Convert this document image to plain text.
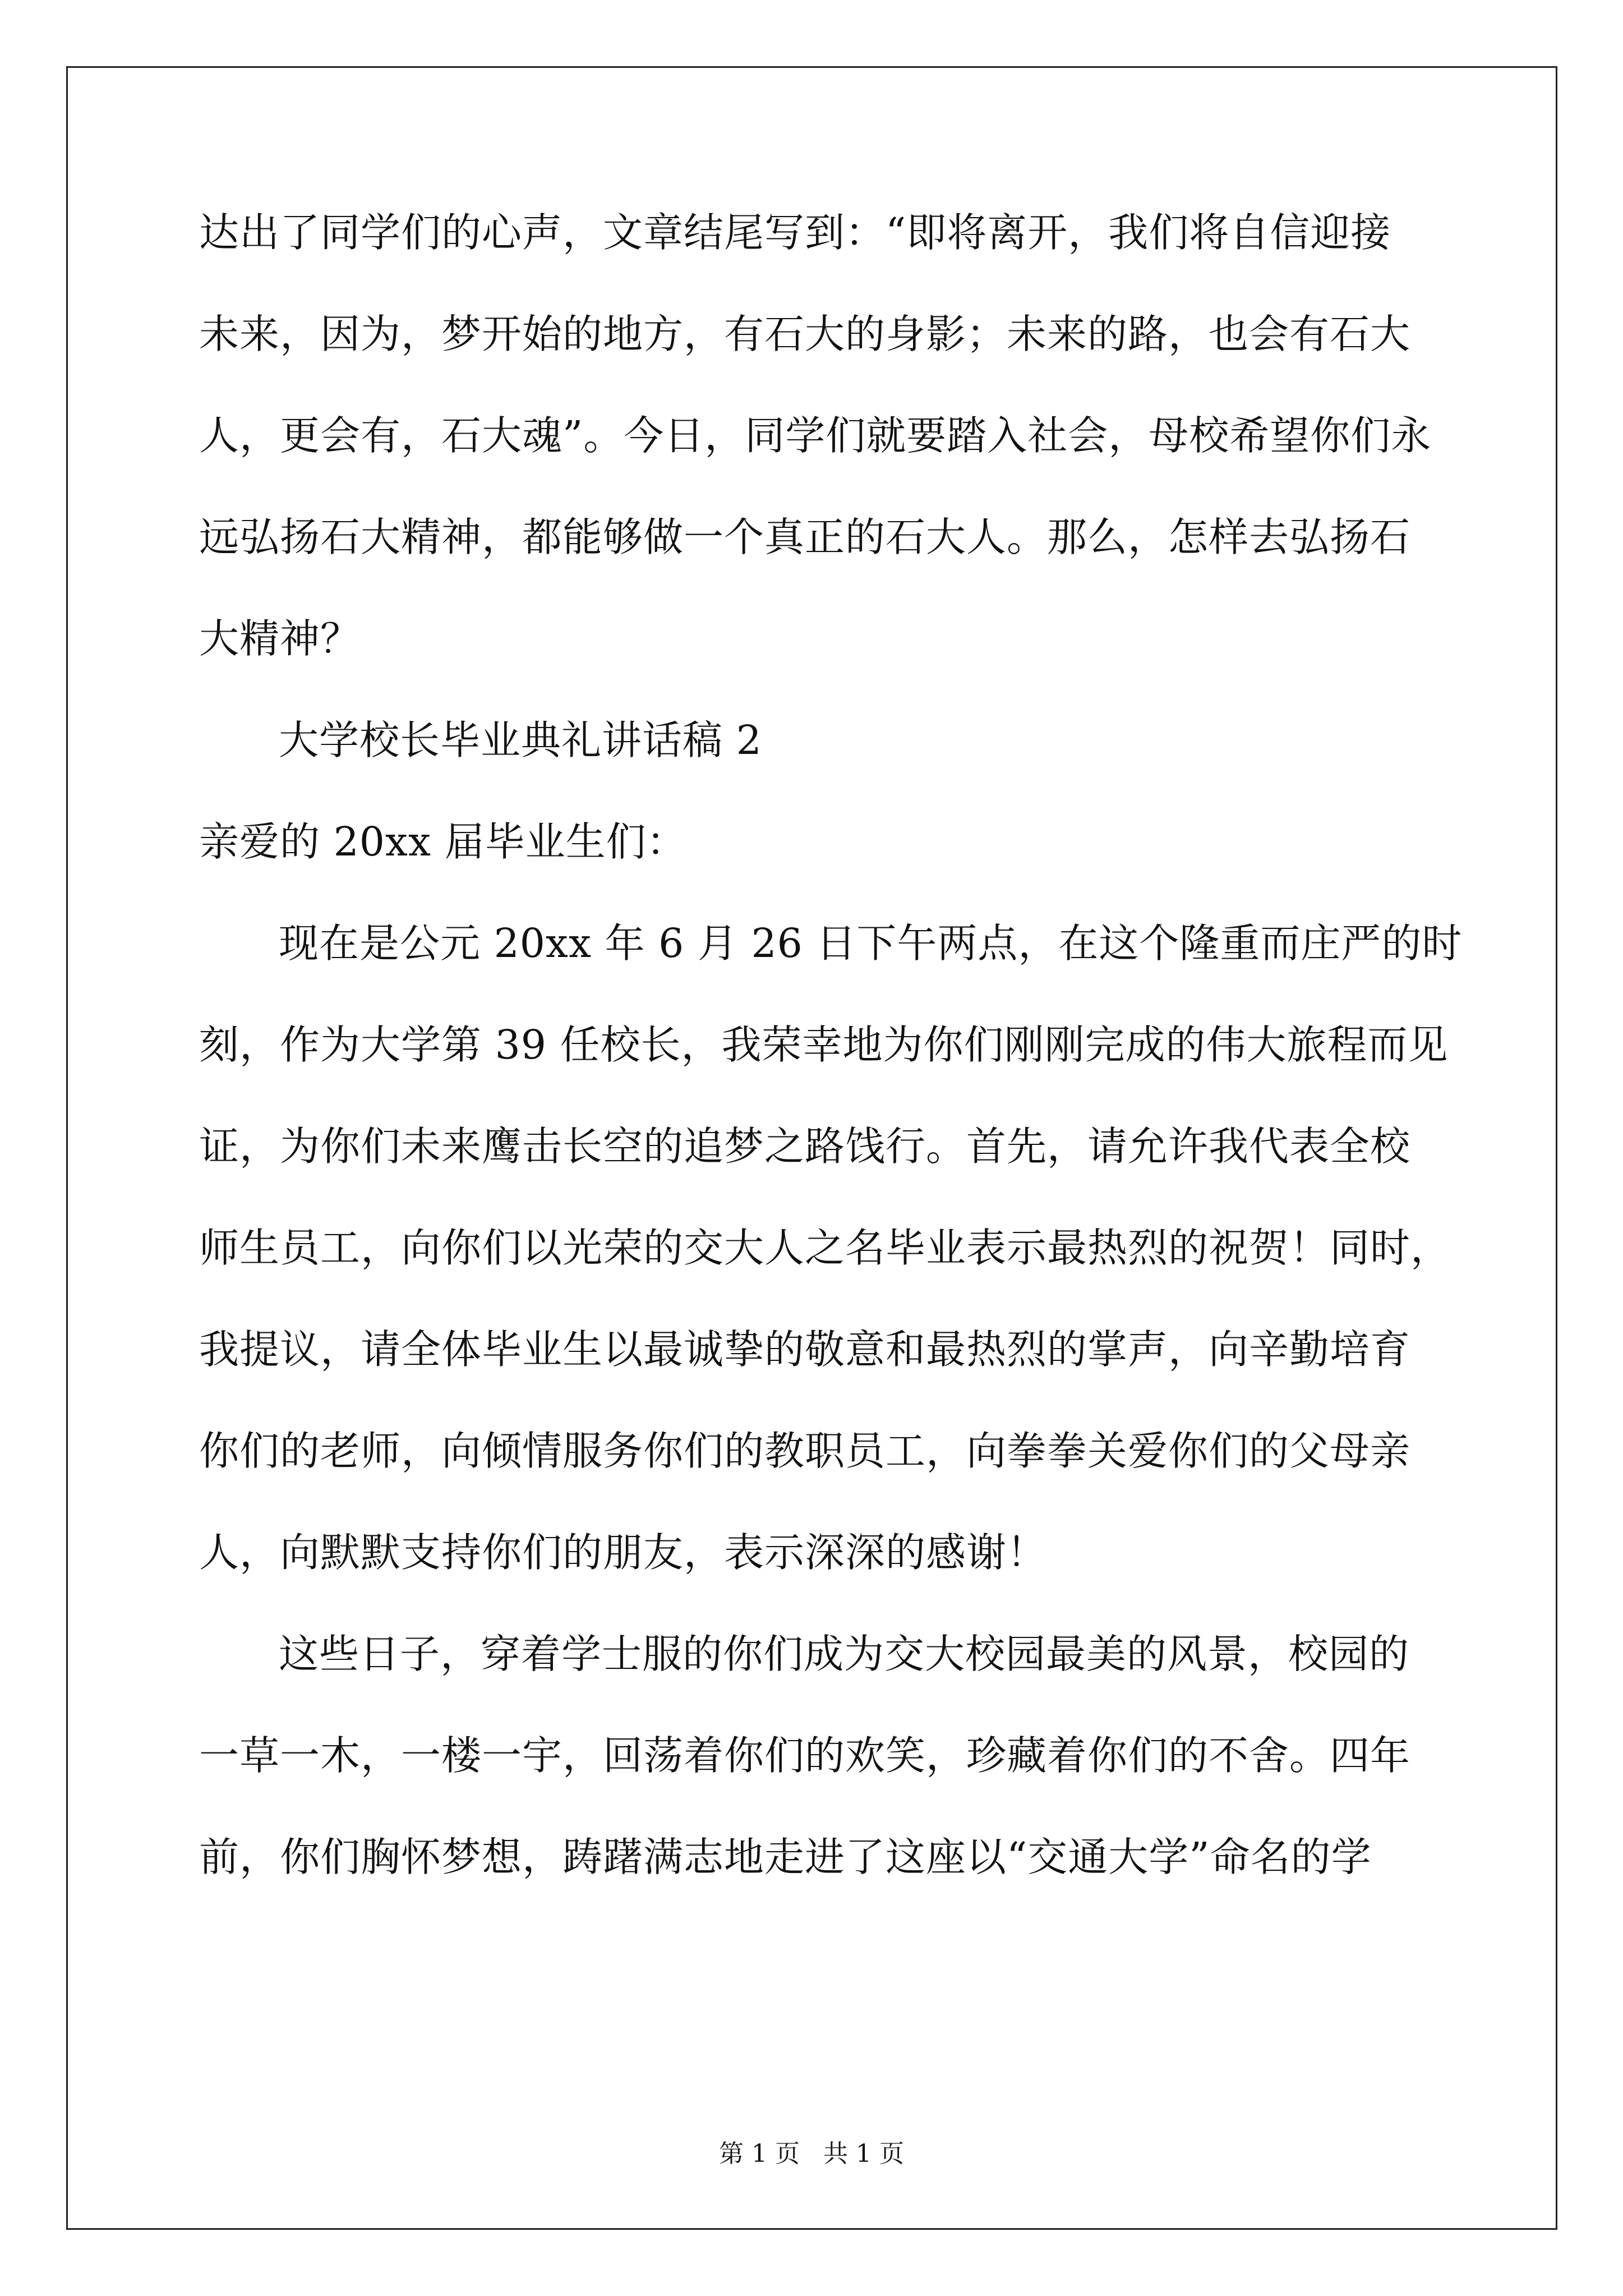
达出了同学们的心声，文章结尾写到：“即将离开，我们将自信迎接
未来，因为，梦开始的地方，有石大的身影；未来的路，也会有石大
人，更会有，石大魂”。今日，同学们就要踏入社会，母校希望你们永
远弘扬石大精神，都能够做一个真正的石大人。那么，怎样去弘扬石
大精神？
大学校长毕业典礼讲话稿 2
亲爱的 20xx 届毕业生们：
现在是公元 20xx 年 6 月 26 日下午两点，在这个隆重而庄严的时
刻，作为大学第 39 任校长，我荣幸地为你们刚刚完成的伟大旅程而见
证，为你们未来鹰击长空的追梦之路饯行。首先，请允许我代表全校
师生员工，向你们以光荣的交大人之名毕业表示最热烈的祝贺！同时，
我提议，请全体毕业生以最诚挚的敬意和最热烈的掌声，向辛勤培育
你们的老师，向倾情服务你们的教职员工，向拳拳关爱你们的父母亲
人，向默默支持你们的朋友，表示深深的感谢！
这些日子，穿着学士服的你们成为交大校园最美的风景，校园的
一草一木，一楼一宇，回荡着你们的欢笑，珍藏着你们的不舍。四年
前，你们胸怀梦想，踌躇满志地走进了这座以“交通大学”命名的学
第 1 页   共 1 页
